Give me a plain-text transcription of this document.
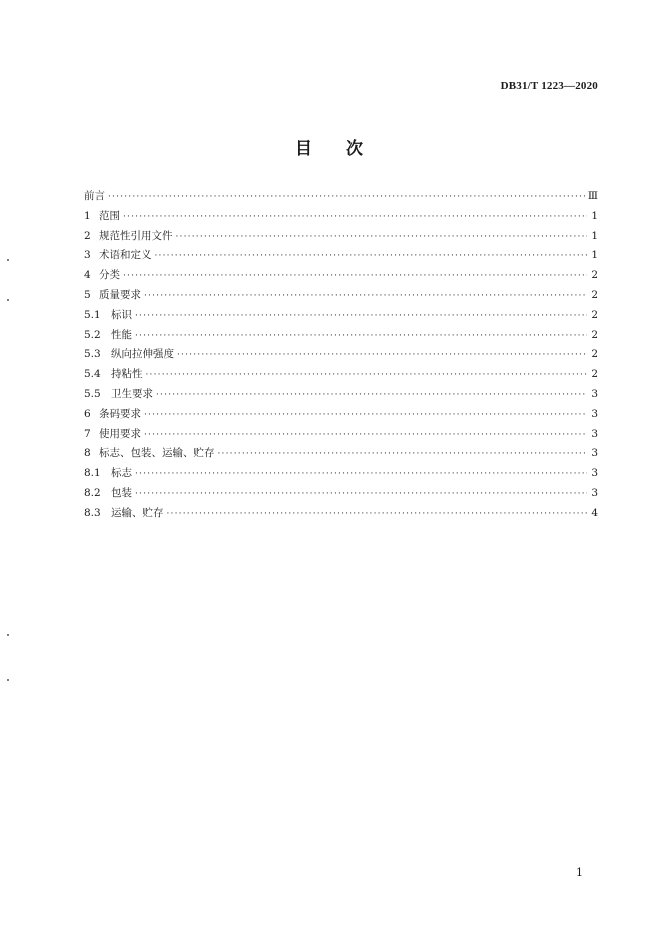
DB31/T 1223—2020
目 次
前言 ·····	Ⅲ
1 范围 ·····	1
2 规范性引用文件 ·····	1
3 术语和定义 ·····	1
4 分类 ·····	2
5 质量要求 ·····	2
5.1 标识 ·····	2
5.2 性能 ·····	2
5.3 纵向拉伸强度 ·····	2
5.4 持粘性 ·····	2
5.5 卫生要求 ·····	3
6 条码要求 ·····	3
7 使用要求 ·····	3
8 标志、包装、运输、贮存 ·····	3
8.1 标志 ·····	3
8.2 包装 ·····	3
8.3 运输、贮存 ·····	4
1
